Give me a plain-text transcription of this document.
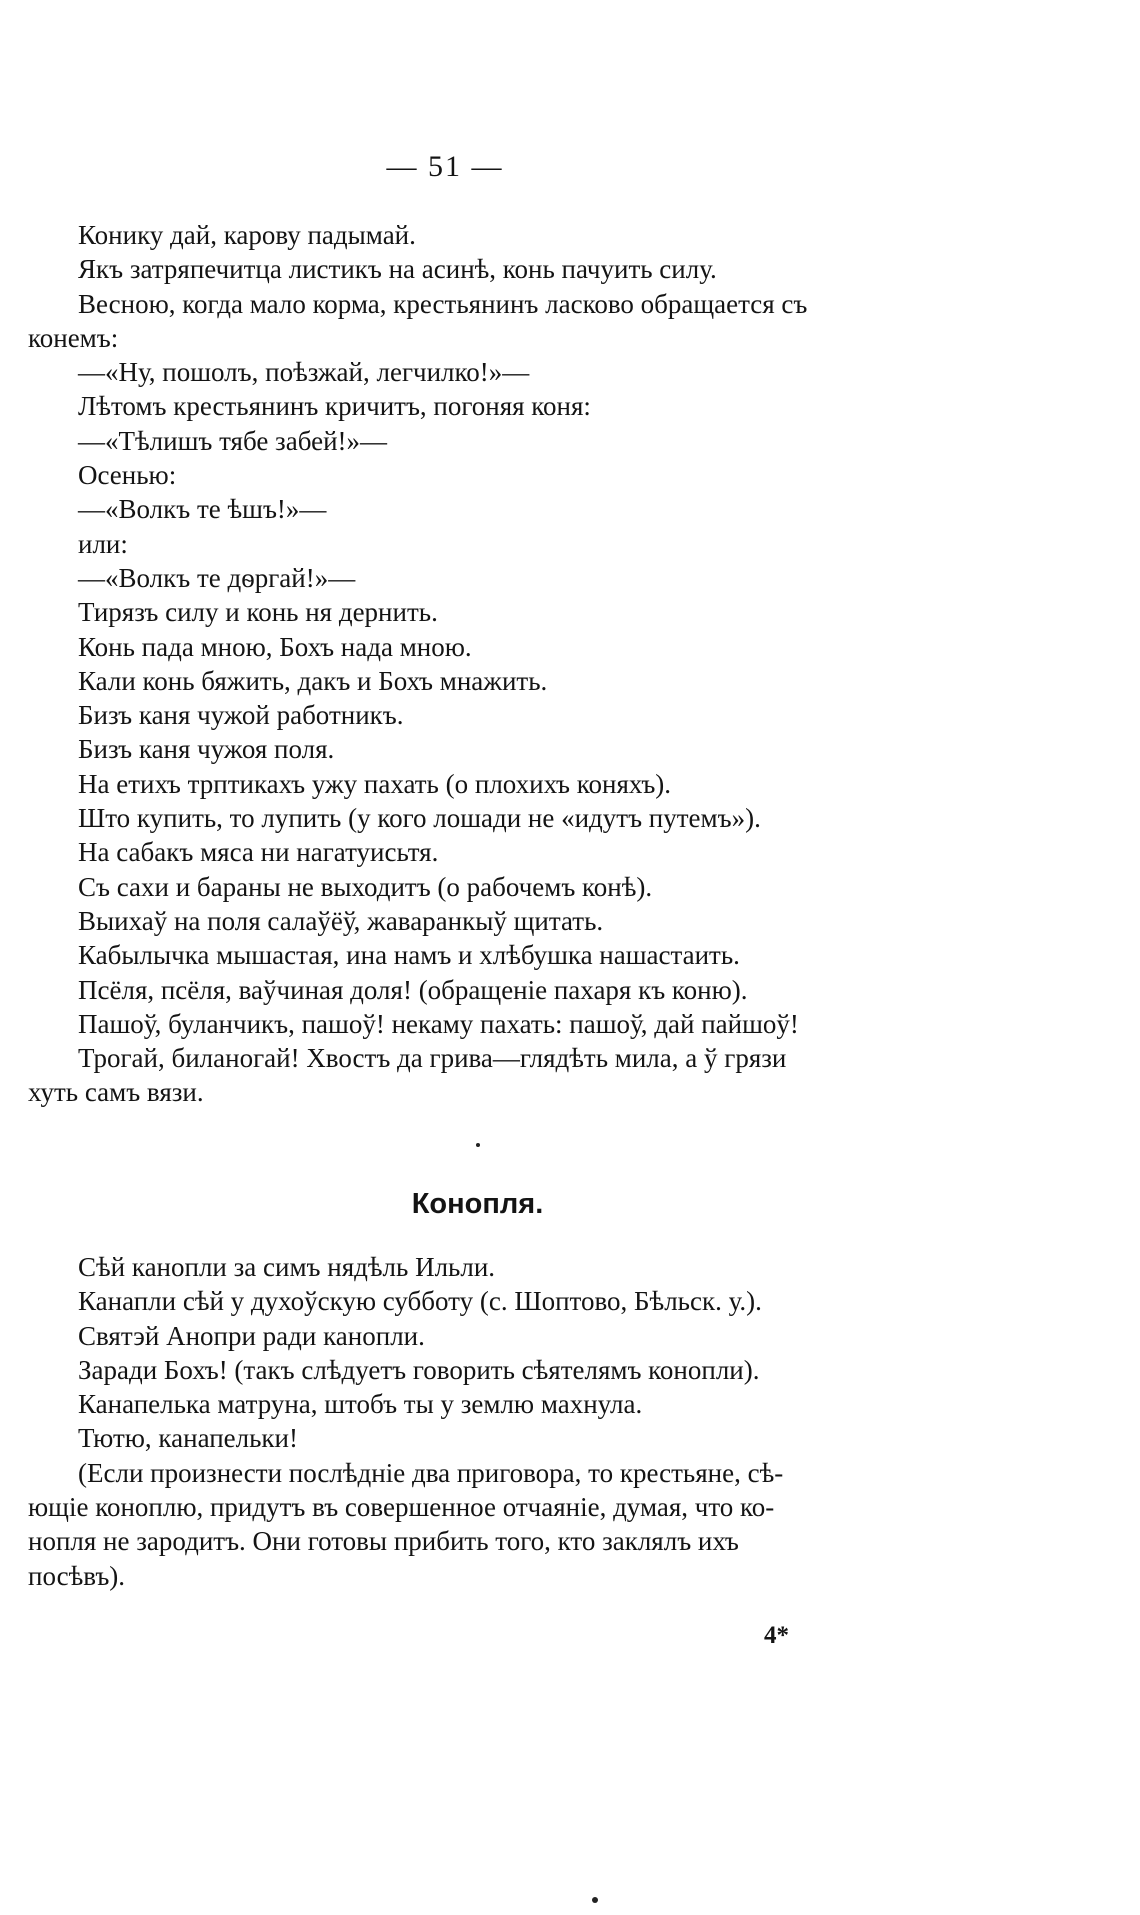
— 51 —
Конику дай, карову падымай.
Якъ затряпечитца листикъ на асинѣ, конь пачуить силу.
Весною, когда мало корма, крестьянинъ ласково обращается съ
конемъ:
—«Ну, пошолъ, поѣзжай, легчилко!»—
Лѣтомъ крестьянинъ кричитъ, погоняя коня:
—«Тѣлишъ тябе забей!»—
Осенью:
—«Волкъ те ѣшъ!»—
или:
—«Волкъ те дѳргай!»—
Тирязъ силу и конь ня дернить.
Конь пада мною, Бохъ нада мною.
Кали конь бяжить, дакъ и Бохъ мнажить.
Бизъ каня чужой работникъ.
Бизъ каня чужоя поля.
На етихъ трптикахъ ужу пахать (о плохихъ коняхъ).
Што купить, то лупить (у кого лошади не «идутъ путемъ»).
На сабакъ мяса ни нагатуисьтя.
Съ сахи и бараны не выходитъ (о рабочемъ конѣ).
Выихаў на поля салаўёў, жаваранкыў щитать.
Кабылычка мышастая, ина намъ и хлѣбушка нашастаить.
Псёля, псёля, ваўчиная доля! (обращеніе пахаря къ коню).
Пашоў, буланчикъ, пашоў! некаму пахать: пашоў, дай пайшоў!
Трогай, биланогай! Хвостъ да грива—глядѣть мила, а ў грязи
хуть самъ вязи.
Конопля.
Сѣй канопли за симъ нядѣль Ильли.
Канапли сѣй у духоўскую субботу (с. Шоптово, Бѣльск. у.).
Святэй Анопри ради канопли.
Заради Бохъ! (такъ слѣдуетъ говорить сѣятелямъ конопли).
Канапелька матруна, штобъ ты у землю махнула.
Тютю, канапельки!
(Если произнести послѣдніе два приговора, то крестьяне, сѣ-
ющіе коноплю, придутъ въ совершенное отчаяніе, думая, что ко-
нопля не зародитъ. Они готовы прибить того, кто заклялъ ихъ
посѣвъ).
4*
